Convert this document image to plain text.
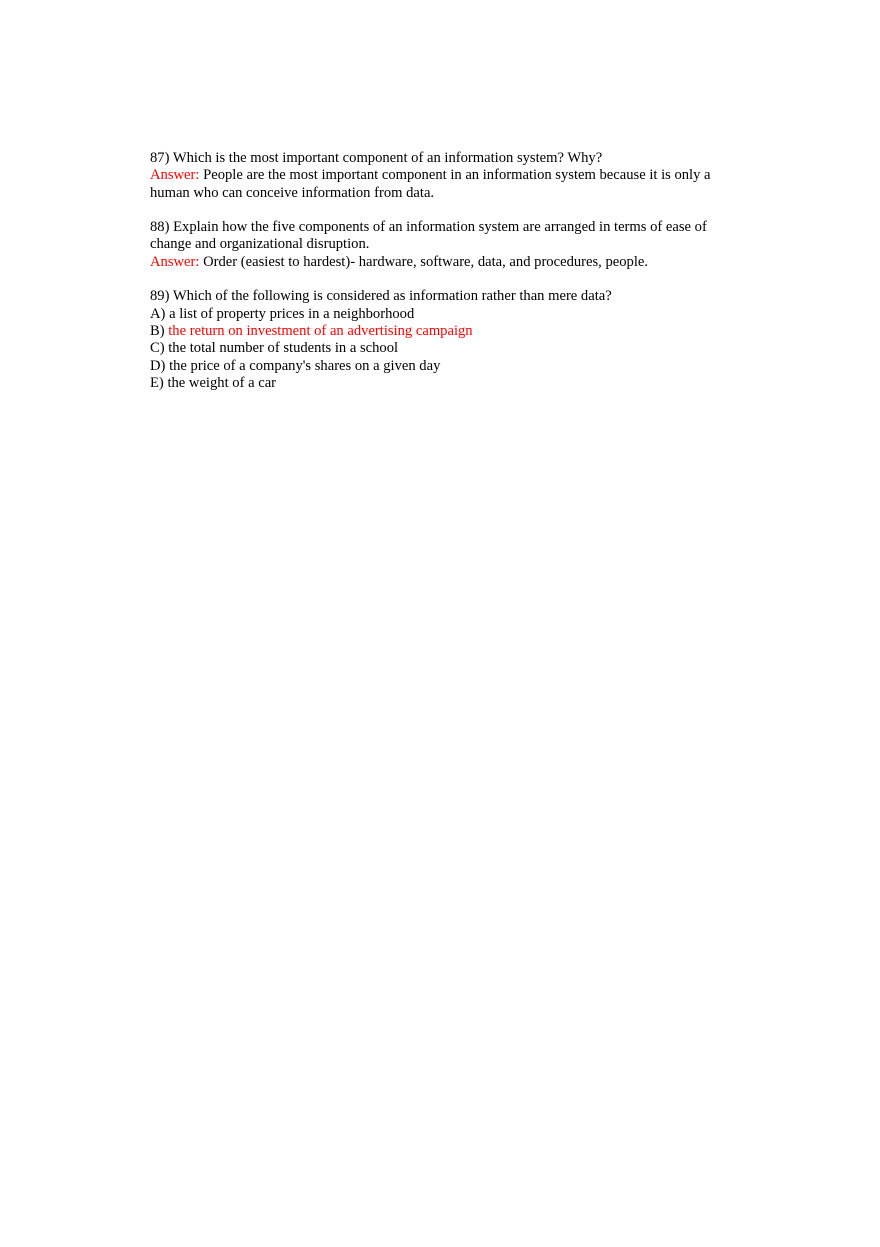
87) Which is the most important component of an information system? Why?
Answer: People are the most important component in an information system because it is only a
human who can conceive information from data.
88) Explain how the five components of an information system are arranged in terms of ease of
change and organizational disruption.
Answer: Order (easiest to hardest)- hardware, software, data, and procedures, people.
89) Which of the following is considered as information rather than mere data?
A) a list of property prices in a neighborhood
B) the return on investment of an advertising campaign
C) the total number of students in a school
D) the price of a company's shares on a given day
E) the weight of a car
